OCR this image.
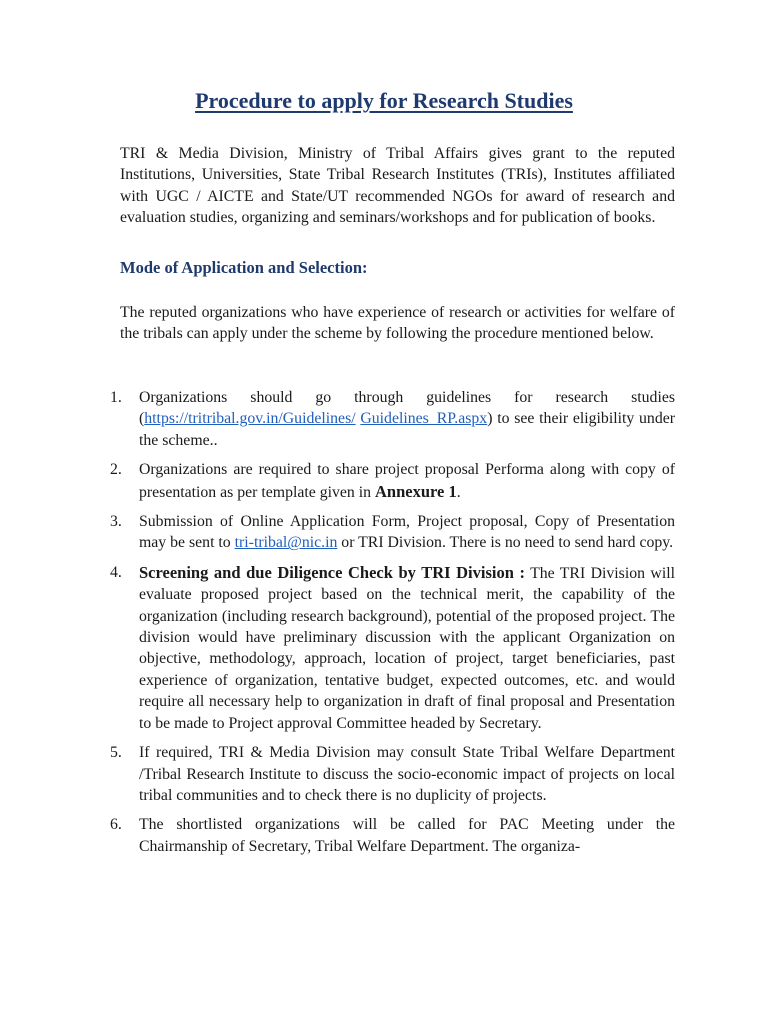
Procedure to apply for Research Studies

TRI & Media Division, Ministry of Tribal Affairs gives grant to the reputed Institutions, Universities, State Tribal Research Institutes (TRIs), Institutes affiliated with UGC / AICTE and State/UT recommended NGOs for award of research and evaluation studies, organizing and seminars/workshops and for publication of books.

Mode of Application and Selection:

The reputed organizations who have experience of research or activities for welfare of the tribals can apply under the scheme by following the procedure mentioned below.

1. Organizations should go through guidelines for research studies (https://tritribal.gov.in/Guidelines/ Guidelines_RP.aspx) to see their eligibility under the scheme..
2. Organizations are required to share project proposal Performa along with copy of presentation as per template given in Annexure 1.
3. Submission of Online Application Form, Project proposal, Copy of Presentation may be sent to tri-tribal@nic.in or TRI Division. There is no need to send hard copy.
4. Screening and due Diligence Check by TRI Division : The TRI Division will evaluate proposed project based on the technical merit, the capability of the organization (including research background), potential of the proposed project. The division would have preliminary discussion with the applicant Organization on objective, methodology, approach, location of project, target beneficiaries, past experience of organization, tentative budget, expected outcomes, etc. and would require all necessary help to organization in draft of final proposal and Presentation to be made to Project approval Committee headed by Secretary.
5. If required, TRI & Media Division may consult State Tribal Welfare Department /Tribal Research Institute to discuss the socio-economic impact of projects on local tribal communities and to check there is no duplicity of projects.
6. The shortlisted organizations will be called for PAC Meeting under the Chairmanship of Secretary, Tribal Welfare Department. The organiza-
